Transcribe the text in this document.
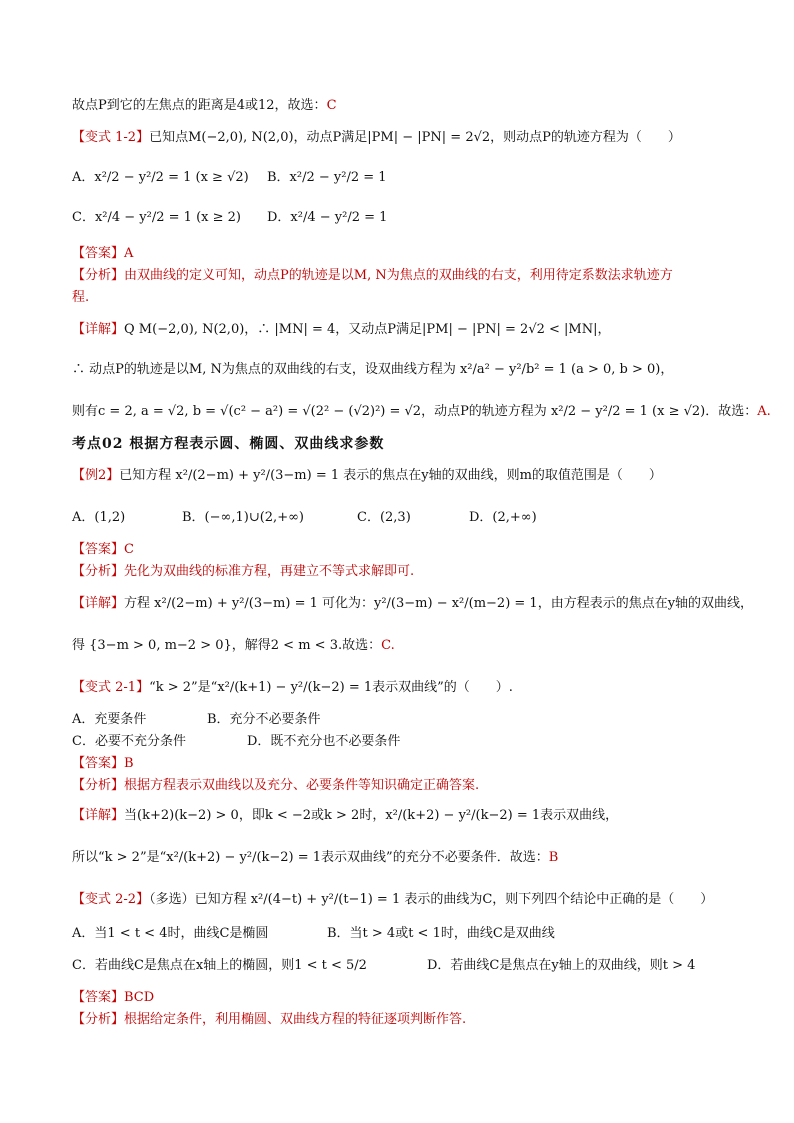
故点P到它的左焦点的距离是4或12，故选：C
【变式 1-2】已知点M(−2,0), N(2,0)，动点P满足|PM| − |PN| = 2√2，则动点P的轨迹方程为（　　）
A．x²/2 − y²/2 = 1 (x ≥ √2) B．x²/2 − y²/2 = 1
C．x²/4 − y²/2 = 1 (x ≥ 2) D．x²/4 − y²/2 = 1
【答案】A
【分析】由双曲线的定义可知，动点P的轨迹是以M, N为焦点的双曲线的右支，利用待定系数法求轨迹方
程.
【详解】Q M(−2,0), N(2,0)，∴ |MN| = 4，又动点P满足|PM| − |PN| = 2√2 < |MN|，
∴ 动点P的轨迹是以M, N为焦点的双曲线的右支，设双曲线方程为 x²/a² − y²/b² = 1 (a > 0, b > 0)，
则有c = 2, a = √2, b = √(c² − a²) = √(2² − (√2)²) = √2，动点P的轨迹方程为 x²/2 − y²/2 = 1 (x ≥ √2)．故选：A.
考点02 根据方程表示圆、椭圆、双曲线求参数
【例2】已知方程 x²/(2−m) + y²/(3−m) = 1 表示的焦点在y轴的双曲线，则m的取值范围是（　　）
A．(1,2)	B．(−∞,1)∪(2,+∞)	C．(2,3)	D．(2,+∞)
【答案】C
【分析】先化为双曲线的标准方程，再建立不等式求解即可.
【详解】方程 x²/(2−m) + y²/(3−m) = 1 可化为：y²/(3−m) − x²/(m−2) = 1，由方程表示的焦点在y轴的双曲线，
得 {3−m > 0, m−2 > 0}，解得2 < m < 3.故选：C.
【变式 2-1】“k > 2”是“x²/(k+1) − y²/(k−2) = 1表示双曲线”的（　　）.
A．充要条件	B．充分不必要条件
C．必要不充分条件	D．既不充分也不必要条件
【答案】B
【分析】根据方程表示双曲线以及充分、必要条件等知识确定正确答案.
【详解】当(k+2)(k−2) > 0，即k < −2或k > 2时，x²/(k+2) − y²/(k−2) = 1表示双曲线，
所以“k > 2”是“x²/(k+2) − y²/(k−2) = 1表示双曲线”的充分不必要条件．故选：B
【变式 2-2】（多选）已知方程 x²/(4−t) + y²/(t−1) = 1 表示的曲线为C，则下列四个结论中正确的是（　　）
A．当1 < t < 4时，曲线C是椭圆	B．当t > 4或t < 1时，曲线C是双曲线
C．若曲线C是焦点在x轴上的椭圆，则1 < t < 5/2	D．若曲线C是焦点在y轴上的双曲线，则t > 4
【答案】BCD
【分析】根据给定条件，利用椭圆、双曲线方程的特征逐项判断作答.
